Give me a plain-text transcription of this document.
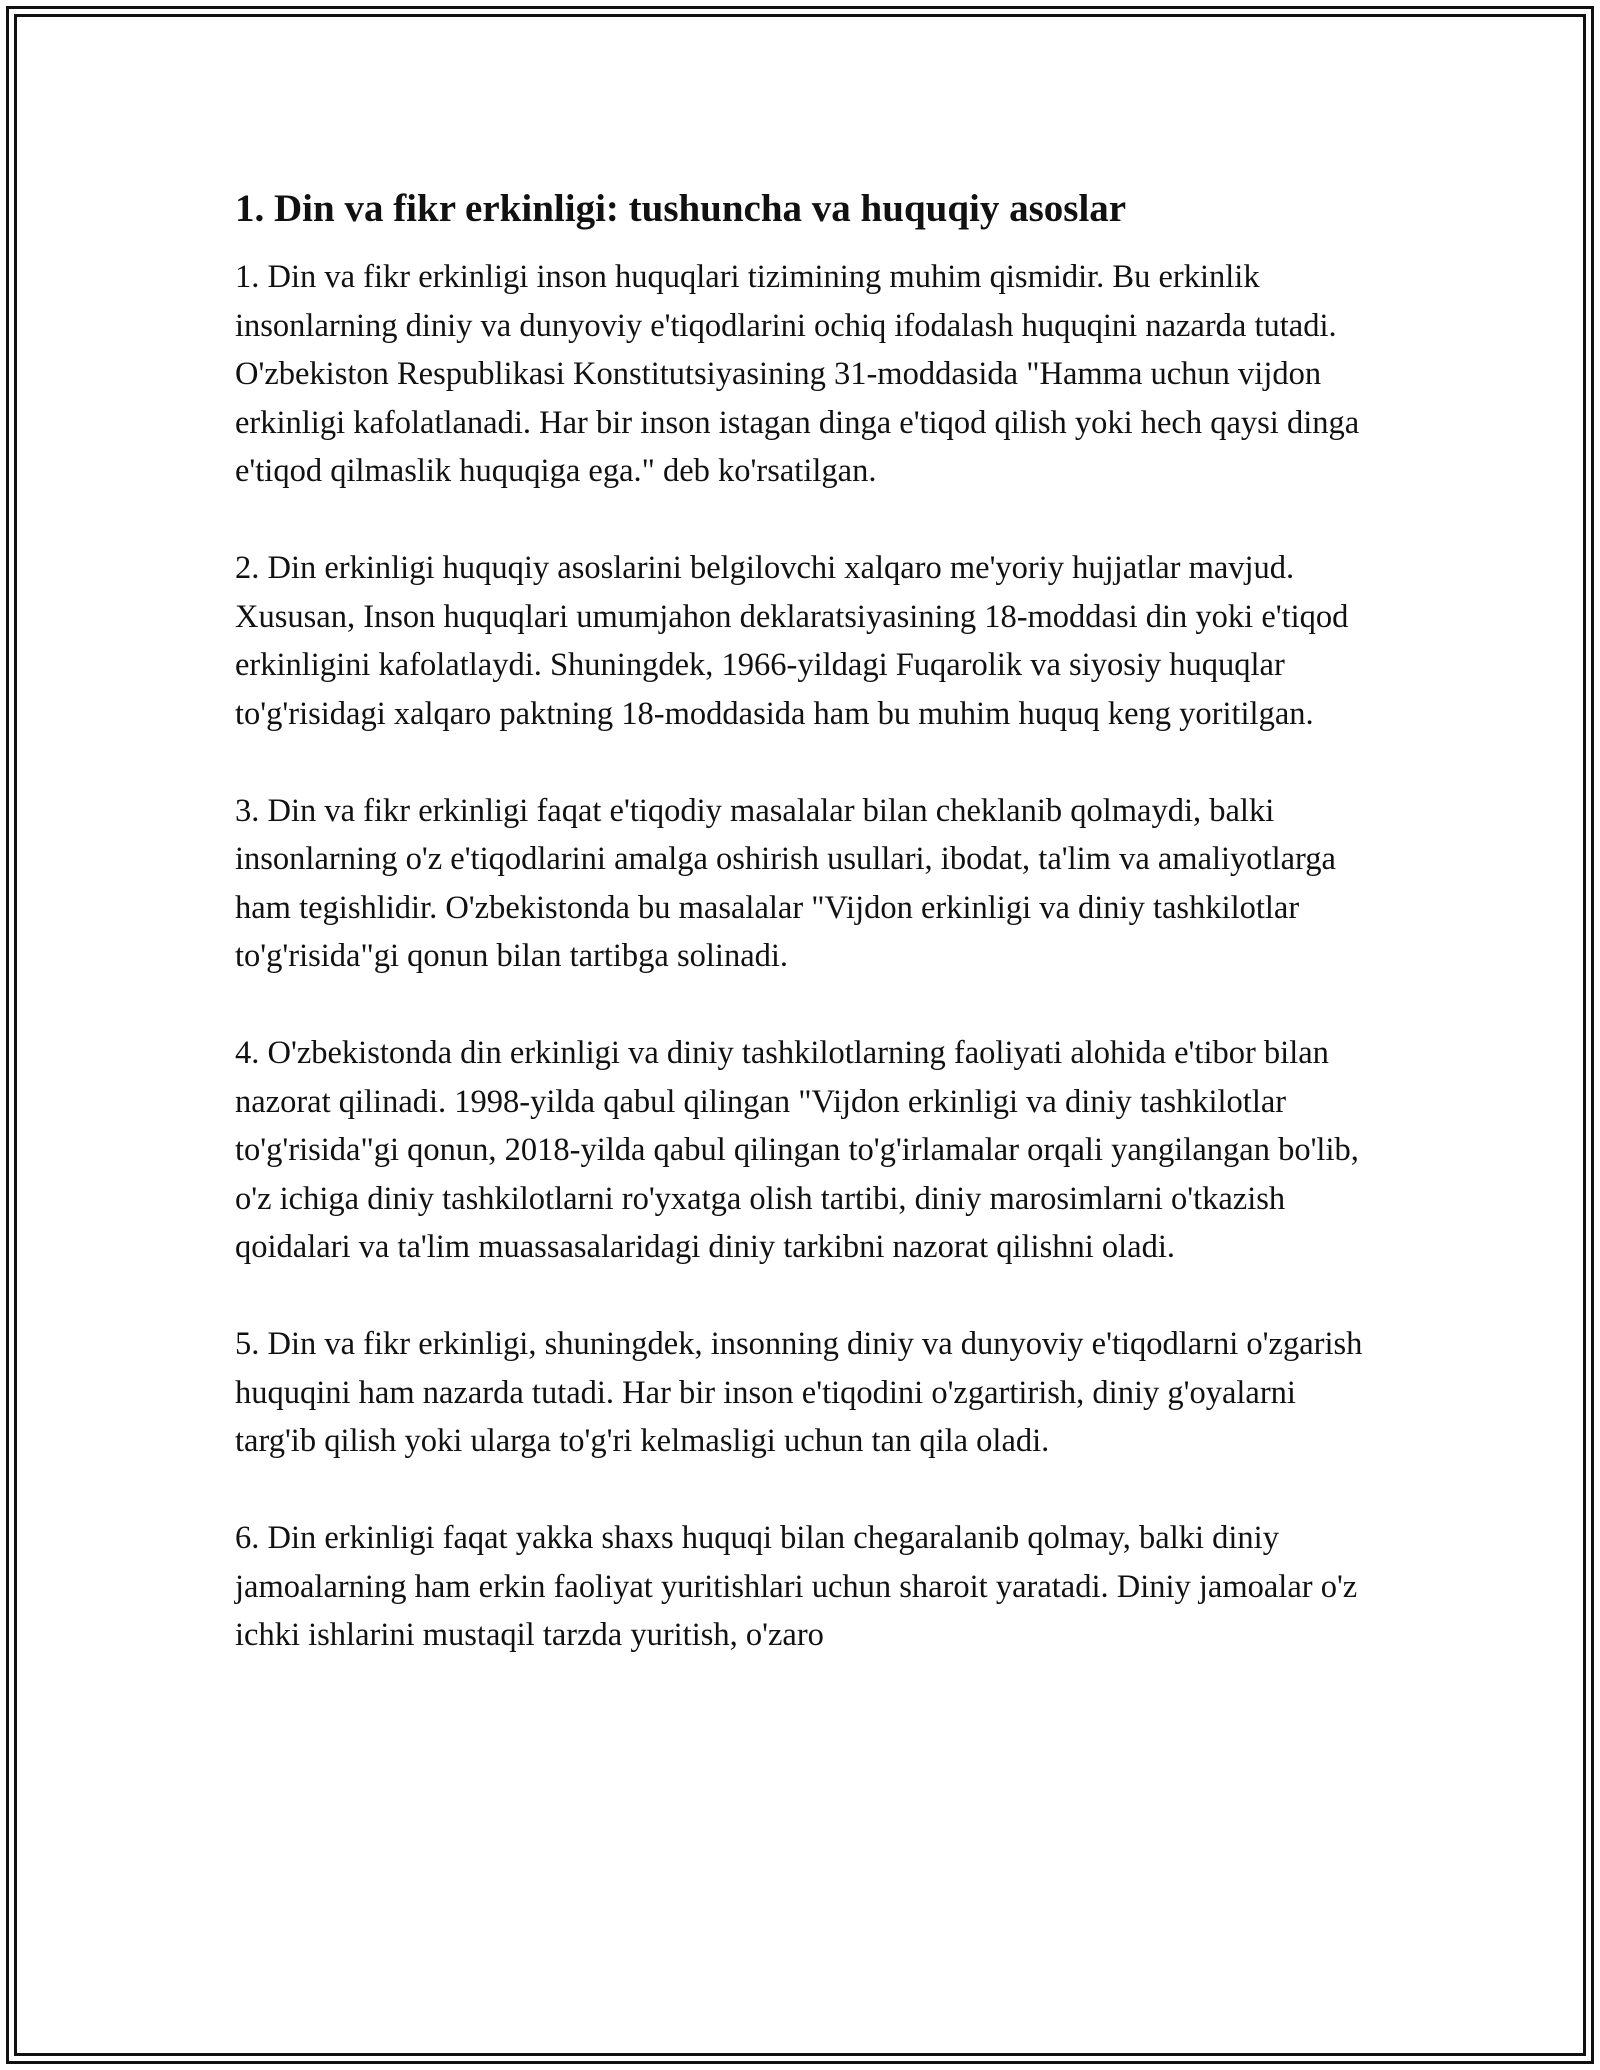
1. Din va fikr erkinligi: tushuncha va huquqiy asoslar

1. Din va fikr erkinligi inson huquqlari tizimining muhim qismidir. Bu erkinlik insonlarning diniy va dunyoviy e'tiqodlarini ochiq ifodalash huquqini nazarda tutadi. O'zbekiston Respublikasi Konstitutsiyasining 31-moddasida "Hamma uchun vijdon erkinligi kafolatlanadi. Har bir inson istagan dinga e'tiqod qilish yoki hech qaysi dinga e'tiqod qilmaslik huquqiga ega." deb ko'rsatilgan.

2. Din erkinligi huquqiy asoslarini belgilovchi xalqaro me'yoriy hujjatlar mavjud. Xususan, Inson huquqlari umumjahon deklaratsiyasining 18-moddasi din yoki e'tiqod erkinligini kafolatlaydi. Shuningdek, 1966-yildagi Fuqarolik va siyosiy huquqlar to'g'risidagi xalqaro paktning 18-moddasida ham bu muhim huquq keng yoritilgan.

3. Din va fikr erkinligi faqat e'tiqodiy masalalar bilan cheklanib qolmaydi, balki insonlarning o'z e'tiqodlarini amalga oshirish usullari, ibodat, ta'lim va amaliyotlarga ham tegishlidir. O'zbekistonda bu masalalar "Vijdon erkinligi va diniy tashkilotlar to'g'risida"gi qonun bilan tartibga solinadi.

4. O'zbekistonda din erkinligi va diniy tashkilotlarning faoliyati alohida e'tibor bilan nazorat qilinadi. 1998-yilda qabul qilingan "Vijdon erkinligi va diniy tashkilotlar to'g'risida"gi qonun, 2018-yilda qabul qilingan to'g'irlamalar orqali yangilangan bo'lib, o'z ichiga diniy tashkilotlarni ro'yxatga olish tartibi, diniy marosimlarni o'tkazish qoidalari va ta'lim muassasalaridagi diniy tarkibni nazorat qilishni oladi.

5. Din va fikr erkinligi, shuningdek, insonning diniy va dunyoviy e'tiqodlarni o'zgarish huquqini ham nazarda tutadi. Har bir inson e'tiqodini o'zgartirish, diniy g'oyalarni targ'ib qilish yoki ularga to'g'ri kelmasligi uchun tan qila oladi.

6. Din erkinligi faqat yakka shaxs huquqi bilan chegaralanib qolmay, balki diniy jamoalarning ham erkin faoliyat yuritishlari uchun sharoit yaratadi. Diniy jamoalar o'z ichki ishlarini mustaqil tarzda yuritish, o'zaro
